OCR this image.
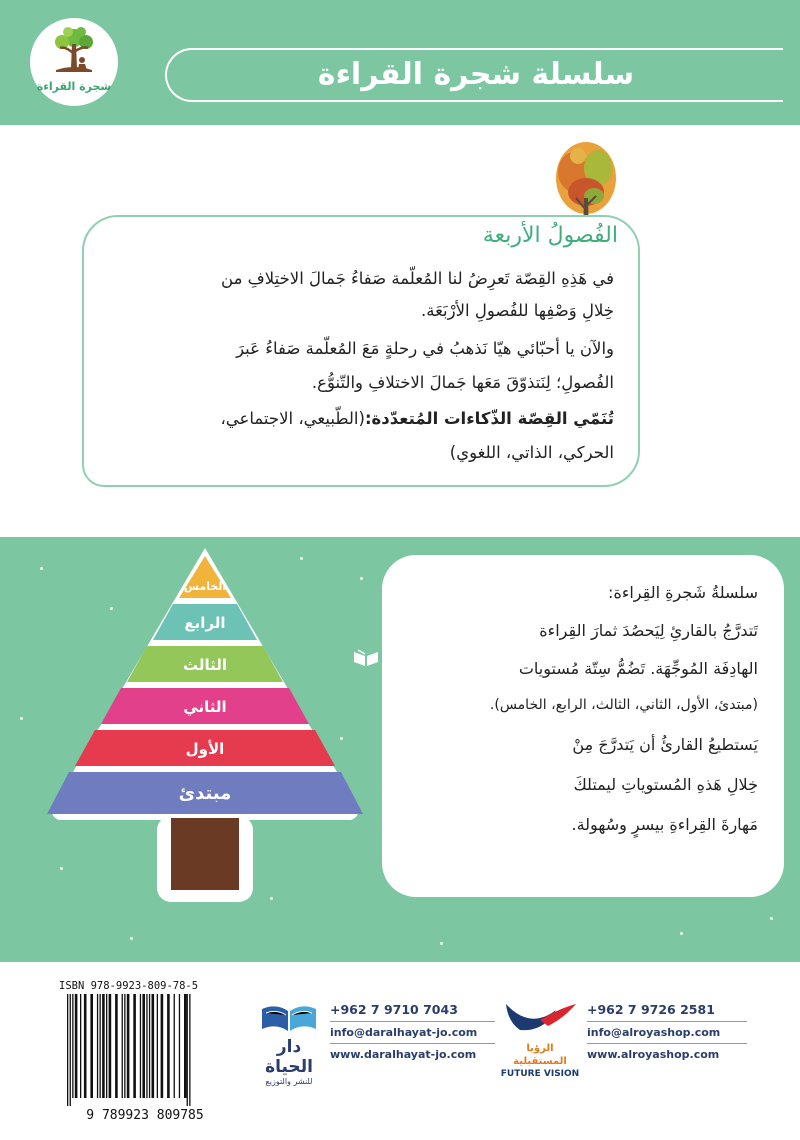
شجرة القراءة	سلسلة شجرة القراءة
الفُصولُ الأربعة
في هَذِهِ القِصّة تَعرِضُ لنا المُعلّمة صَفاءُ جَمالَ الاختِلافِ من
خِلالِ وَصْفِها للفُصولِ الأرْبَعَة.
والآن يا أحبّائي هيّا نَذهبُ في رحلةٍ مَعَ المُعلّمة صَفاءُ عَبرَ
الفُصولِ؛ لِنَتذوّقَ مَعَها جَمالَ الاختلافِ والتّنوُّع.
تُنَمّي القِصّة الذّكاءات المُتعدّدة:(الطّبيعي، الاجتماعي،
الحركي، الذاتي، اللغوي)
الخامس
الرابع
الثالث
الثاني
الأول
مبتدئ
سلسلةُ شَجرةِ القِراءة:
تَتدرَّجُ بالقارئِ لِيَحصُدَ ثمارَ القِراءة
الهادِفَة المُوجِّهَة. تَضُمُّ سِتّة مُستويات
(مبتدئ، الأول، الثاني، الثالث، الرابع، الخامس).
يَستطيعُ القارئُ أن يَتدرَّجَ مِنْ
خِلالِ هَذهِ المُستوياتِ ليمتلكَ
مَهارةَ القِراءةِ بيسرٍ وسُهولة.
ISBN 978-9923-809-78-5
9 789923 809785
دار الحياة
للنشر والتوزيع
+962 7 9710 7043
info@daralhayat-jo.com
www.daralhayat-jo.com	الرؤيا المستقبلية
FUTURE VISION
+962 7 9726 2581
info@alroyashop.com
www.alroyashop.com
